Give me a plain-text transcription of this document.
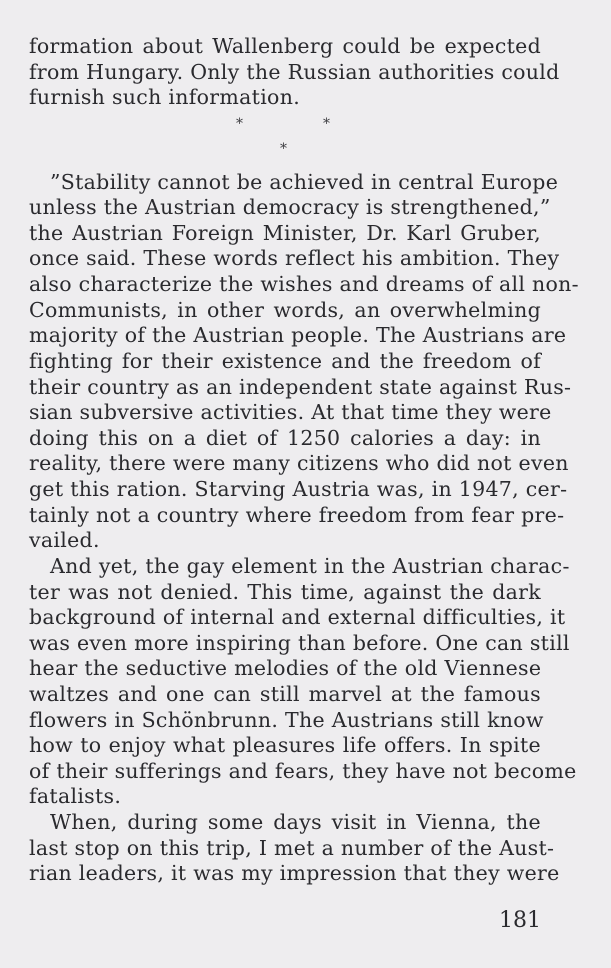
formation about Wallenberg could be expected
from Hungary. Only the Russian authorities could
furnish such information.
*	*
*
”Stability cannot be achieved in central Europe
unless the Austrian democracy is strengthened,”
the Austrian Foreign Minister, Dr. Karl Gruber,
once said. These words reflect his ambition. They
also characterize the wishes and dreams of all non-
Communists, in other words, an overwhelming
majority of the Austrian people. The Austrians are
fighting for their existence and the freedom of
their country as an independent state against Rus-
sian subversive activities. At that time they were
doing this on a diet of 1250 calories a day: in
reality, there were many citizens who did not even
get this ration. Starving Austria was, in 1947, cer-
tainly not a country where freedom from fear pre-
vailed.
And yet, the gay element in the Austrian charac-
ter was not denied. This time, against the dark
background of internal and external difficulties, it
was even more inspiring than before. One can still
hear the seductive melodies of the old Viennese
waltzes and one can still marvel at the famous
flowers in Schönbrunn. The Austrians still know
how to enjoy what pleasures life offers. In spite
of their sufferings and fears, they have not become
fatalists.
When, during some days visit in Vienna, the
last stop on this trip, I met a number of the Aust-
rian leaders, it was my impression that they were
181
